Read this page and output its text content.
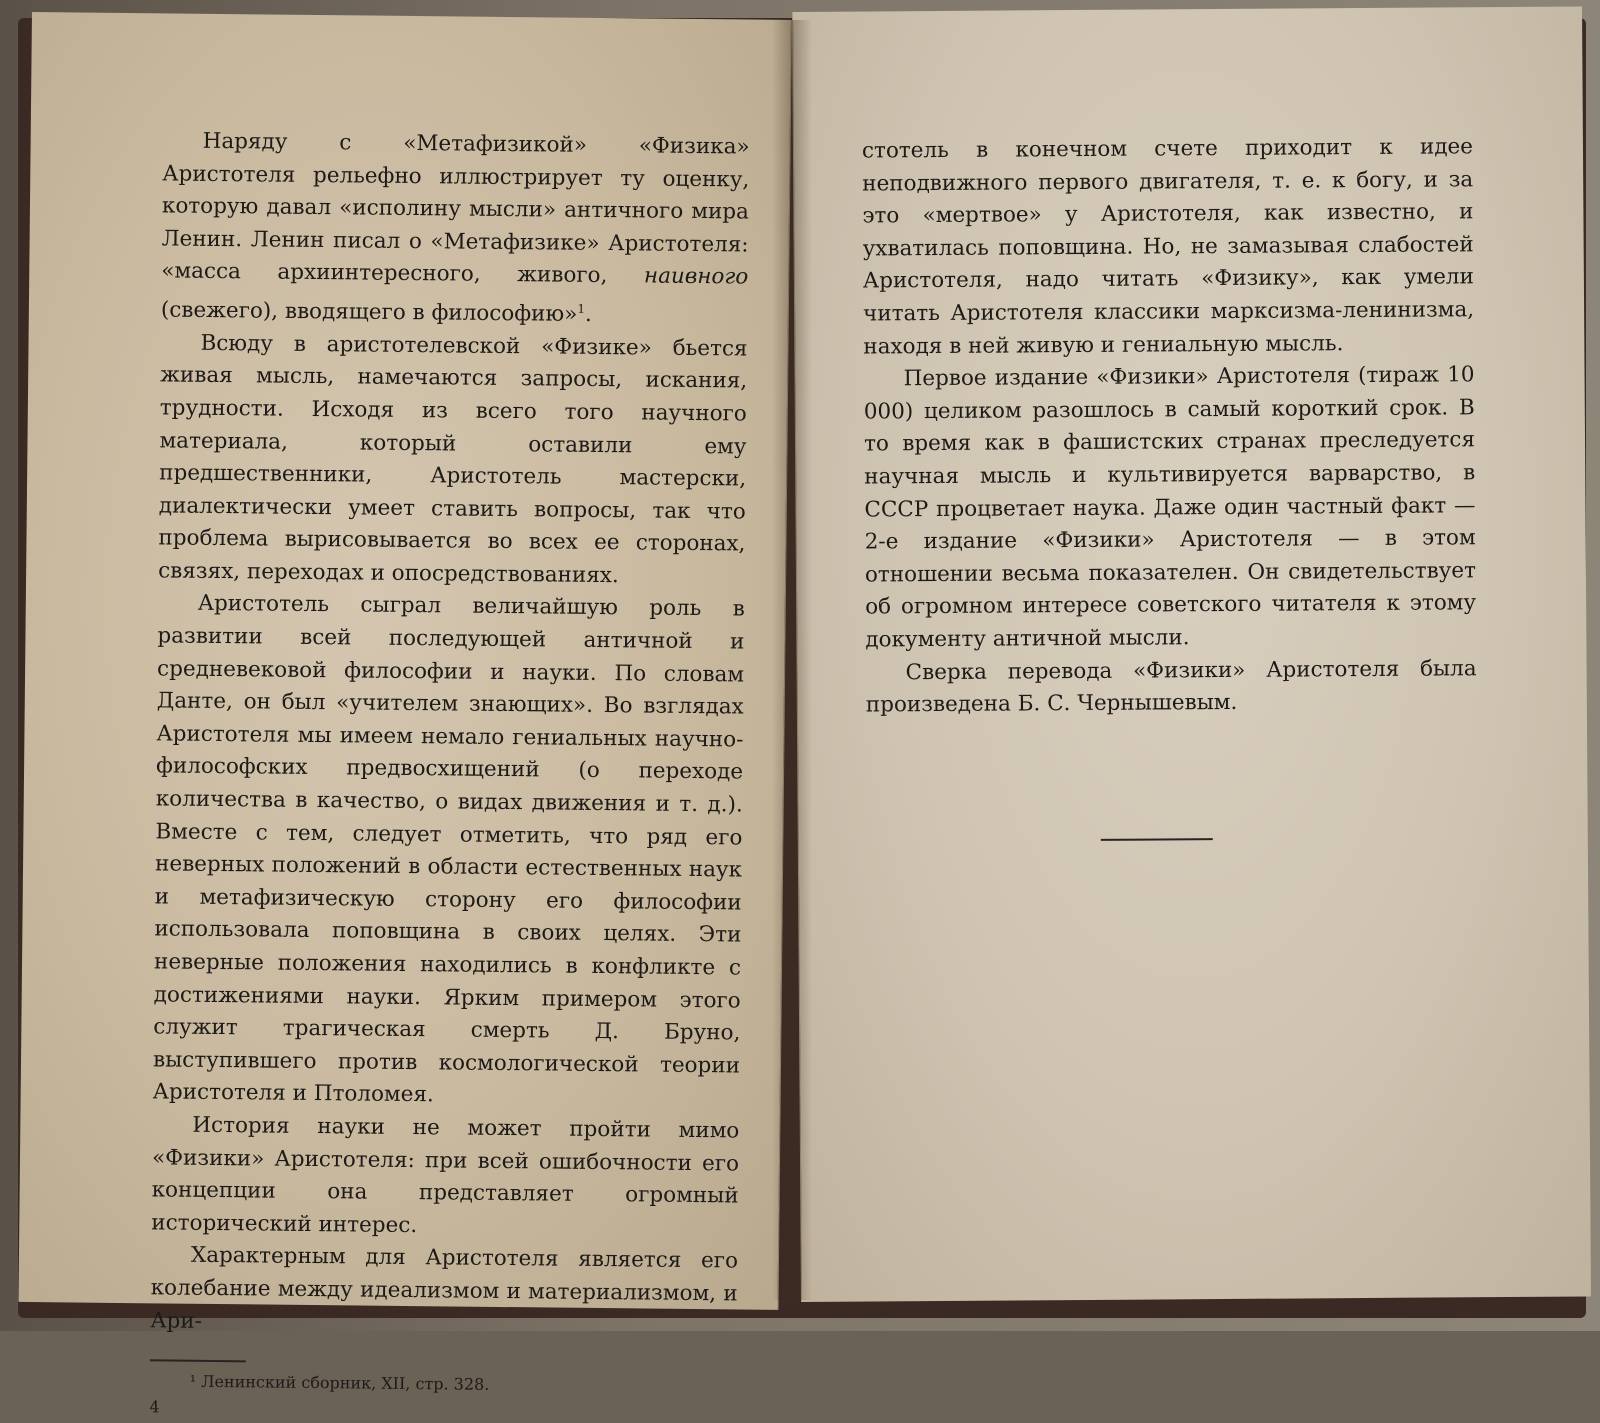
Наряду с «Метафизикой» «Физика» Аристотеля рельефно иллюстрирует ту оценку, которую давал «исполину мысли» античного мира Ленин. Ленин писал о «Метафизике» Аристотеля: «масса архиинтересного, живого, наивного (свежего), вводящего в философию»$^1$.

Всюду в аристотелевской «Физике» бьется живая мысль, намечаются запросы, искания, трудности. Исходя из всего того научного материала, который оставили ему предшественники, Аристотель мастерски, диалектически умеет ставить вопросы, так что проблема вырисовывается во всех ее сторонах, связях, переходах и опосредствованиях.

Аристотель сыграл величайшую роль в развитии всей последующей античной и средневековой философии и науки. По словам Данте, он был «учителем знающих». Во взглядах Аристотеля мы имеем немало гениальных научно-философских предвосхищений (о переходе количества в качество, о видах движения и т. д.). Вместе с тем, следует отметить, что ряд его неверных положений в области естественных наук и метафизическую сторону его философии использовала поповщина в своих целях. Эти неверные положения находились в конфликте с достижениями науки. Ярким примером этого служит трагическая смерть Д. Бруно, выступившего против космологической теории Аристотеля и Птоломея.

История науки не может пройти мимо «Физики» Аристотеля: при всей ошибочности его концепции она представляет огромный исторический интерес.

Характерным для Аристотеля является его колебание между идеализмом и материализмом, и Ари-

¹ Ленинский сборник, XII, стр. 328.

4

стотель в конечном счете приходит к идее неподвижного первого двигателя, т. е. к богу, и за это «мертвое» у Аристотеля, как известно, и ухватилась поповщина. Но, не замазывая слабостей Аристотеля, надо читать «Физику», как умели читать Аристотеля классики марксизма-ленинизма, находя в ней живую и гениальную мысль.

Первое издание «Физики» Аристотеля (тираж 10 000) целиком разошлось в самый короткий срок. В то время как в фашистских странах преследуется научная мысль и культивируется варварство, в СССР процветает наука. Даже один частный факт — 2-е издание «Физики» Аристотеля — в этом отношении весьма показателен. Он свидетельствует об огромном интересе советского читателя к этому документу античной мысли.

Сверка перевода «Физики» Аристотеля была произведена Б. С. Чернышевым.
